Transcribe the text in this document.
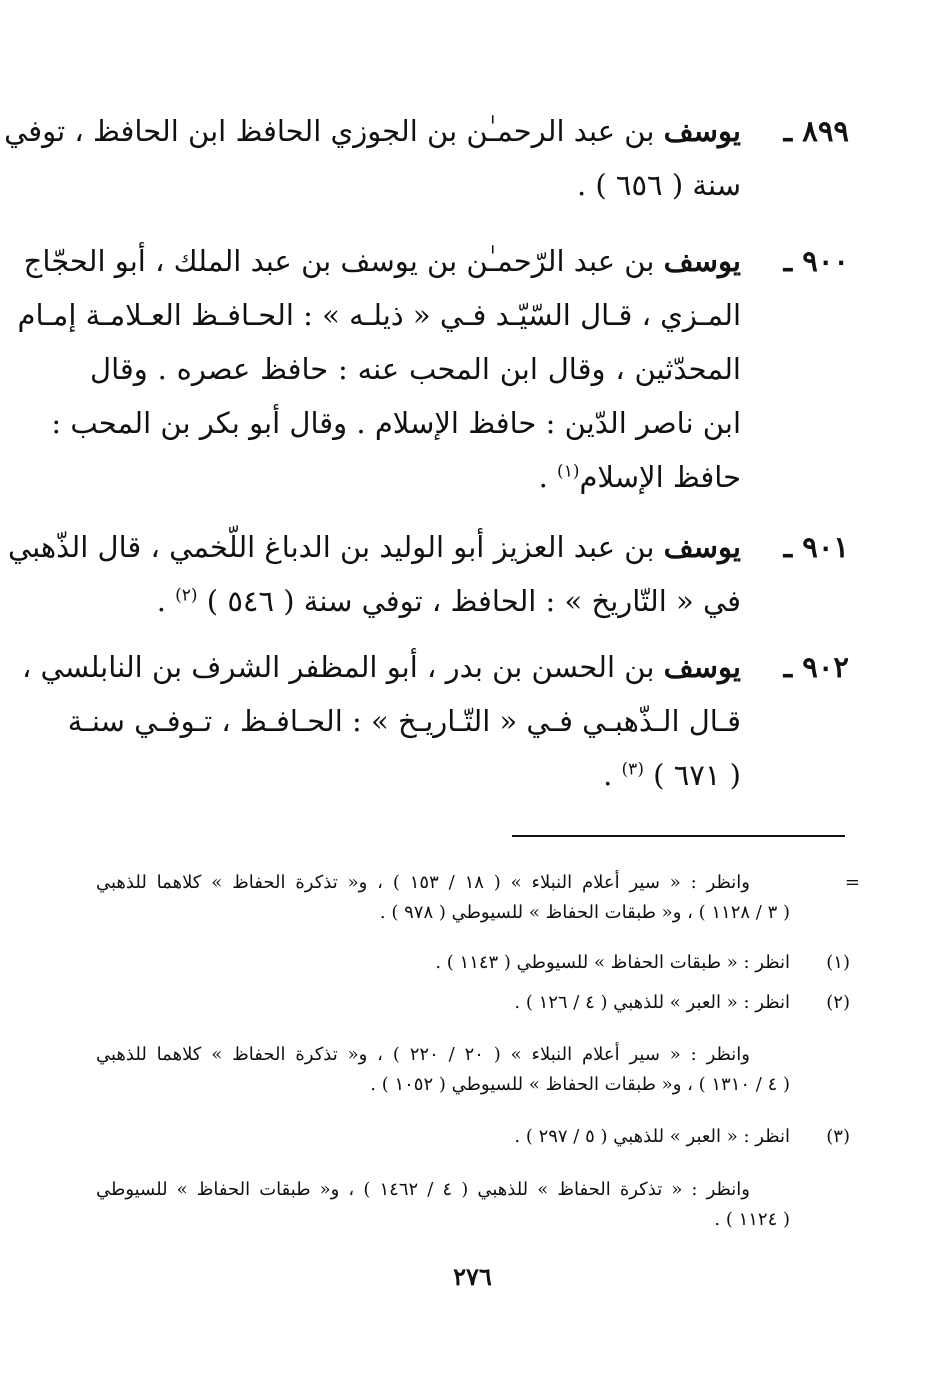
٨٩٩ ـ
يوسف بن عبد الرحمـٰن بن الجوزي الحافظ ابن الحافظ ، توفي
سنة ( ٦٥٦ ) .
٩٠٠ ـ
يوسف بن عبد الرّحمـٰن بن يوسف بن عبد الملك ، أبو الحجّاج
المـزي ، قـال السّيّـد فـي « ذيلـه » : الحـافـظ العـلامـة إمـام
المحدّثين ، وقال ابن المحب عنه : حافظ عصره . وقال
ابن ناصر الدّين : حافظ الإسلام . وقال أبو بكر بن المحب :
حافظ الإسلام$^{(١)}$ .
٩٠١ ـ
يوسف بن عبد العزيز أبو الوليد بن الدباغ اللّخمي ، قال الذّهبي
في « التّاريخ » : الحافظ ، توفي سنة ( ٥٤٦ ) $^{(٢)}$ .
٩٠٢ ـ
يوسف بن الحسن بن بدر ، أبو المظفر الشرف بن النابلسي ،
قـال الـذّهبـي فـي « التّـاريـخ » : الحـافـظ ، تـوفـي سنـة
( ٦٧١ ) $^{(٣)}$ .
=
وانظر : « سير أعلام النبلاء » ( ١٨ / ١٥٣ ) ، و« تذكرة الحفاظ » كلاهما للذهبي
( ٣ / ١١٢٨ ) ، و« طبقات الحفاظ » للسيوطي ( ٩٧٨ ) .
(١)
انظر : « طبقات الحفاظ » للسيوطي ( ١١٤٣ ) .
(٢)
انظر : « العبر » للذهبي ( ٤ / ١٢٦ ) .
وانظر : « سير أعلام النبلاء » ( ٢٠ / ٢٢٠ ) ، و« تذكرة الحفاظ » كلاهما للذهبي
( ٤ / ١٣١٠ ) ، و« طبقات الحفاظ » للسيوطي ( ١٠٥٢ ) .
(٣)
انظر : « العبر » للذهبي ( ٥ / ٢٩٧ ) .
وانظر : « تذكرة الحفاظ » للذهبي ( ٤ / ١٤٦٢ ) ، و« طبقات الحفاظ » للسيوطي
( ١١٢٤ ) .
٢٧٦
